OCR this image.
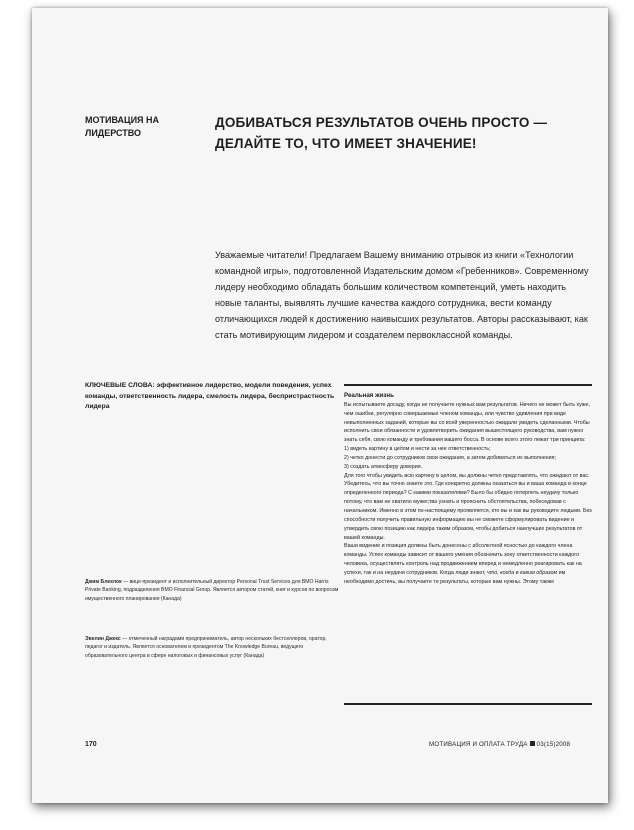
МОТИВАЦИЯ НА ЛИДЕРСТВО
ДОБИВАТЬСЯ РЕЗУЛЬТАТОВ ОЧЕНЬ ПРОСТО — ДЕЛАЙТЕ ТО, ЧТО ИМЕЕТ ЗНАЧЕНИЕ!
Уважаемые читатели! Предлагаем Вашему вниманию отрывок из книги «Технологии командной игры», подготовленной Издательским домом «Гребенников». Современному лидеру необходимо обладать большим количеством компетенций, уметь находить новые таланты, выявлять лучшие качества каждого сотрудника, вести команду отличающихся людей к достижению наивысших результатов. Авторы рассказывают, как стать мотивирующим лидером и создателем первоклассной команды.
КЛЮЧЕВЫЕ СЛОВА: эффективное лидерство, модели поведения, успех команды, ответственность лидера, смелость лидера, беспристрастность лидера
Джим Блеклок — вице-президент и исполнительный директор Personal Trust Services для BMO Harris Private Banking, подразделения BMO Financial Group. Является автором статей, книг и курсов по вопросам имущественного планирования (Канада)
Эвелин Джекс — отмеченный наградами предприниматель, автор нескольких бестселлеров, оратор, педагог и издатель. Является основателем и президентом The Knowledge Bureau, ведущего образовательного центра в сфере налоговых и финансовых услуг (Канада)
Реальная жизнь
Вы испытываете досаду, когда не получаете нужных вам результатов. Ничего не может быть хуже, чем ошибки, регулярно совершаемые членом команды, или чувство удивления при виде невыполненных заданий, которые вы со всей уверенностью ожидали увидеть сделанными. Чтобы исполнить свои обязанности и удовлетворить ожидания вышестоящего руководства, вам нужно знать себя, свою команду и требования вашего босса. В основе всего этого лежат три принципа:
1) видеть картину в целом и нести за нее ответственность;
2) четко донести до сотрудников свои ожидания, а затем добиваться их выполнения;
3) создать атмосферу доверия.
Для того чтобы увидеть всю картину в целом, вы должны четко представлять, что ожидают от вас. Убедитесь, что вы точно знаете это. Где конкретно должны оказаться вы и ваша команда в конце определенного периода? С какими показателями? Было бы обидно потерпеть неудачу только потому, что вам не хватило мужества узнать и прояснить обстоятельства, побеседовав с начальником. Именно в этом по-настоящему проявляется, кто вы и как вы руководите людьми. Без способности получить правильную информацию вы не сможете сформулировать видение и утвердить свою позицию как лидера таким образом, чтобы добиться наилучших результатов от вашей команды.
Ваши видение и позиция должны быть донесены с абсолютной ясностью до каждого члена команды. Успех команды зависит от вашего умения обозначить зону ответственности каждого человека, осуществлять контроль над продвижением вперед и немедленно реагировать как на успехи, так и на неудачи сотрудников. Когда люди знают, что, когда и каким образом им необходимо достичь, вы получаете те результаты, которые вам нужны. Этому также
170	МОТИВАЦИЯ И ОПЛАТА ТРУДА 03(15)2008
